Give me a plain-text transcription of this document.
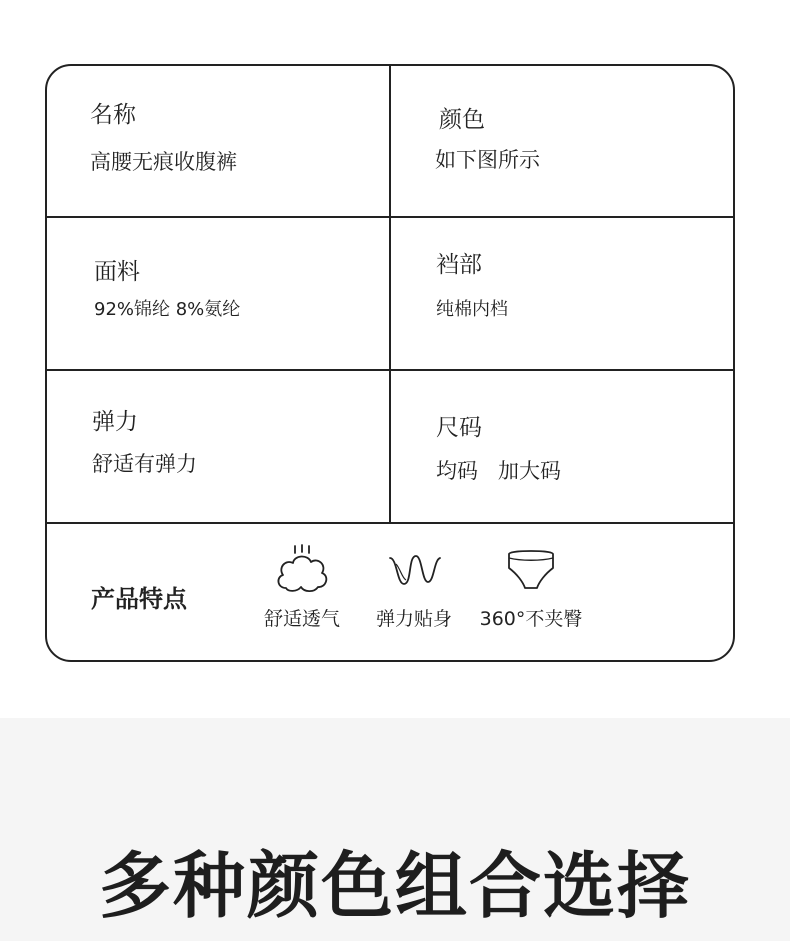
名称
高腰无痕收腹裤
颜色
如下图所示
面料
92%锦纶 8%氨纶
裆部
纯棉内档
弹力
舒适有弹力
尺码
均码   加大码
产品特点
舒适透气	弹力贴身	360°不夹臀
多种颜色组合选择
